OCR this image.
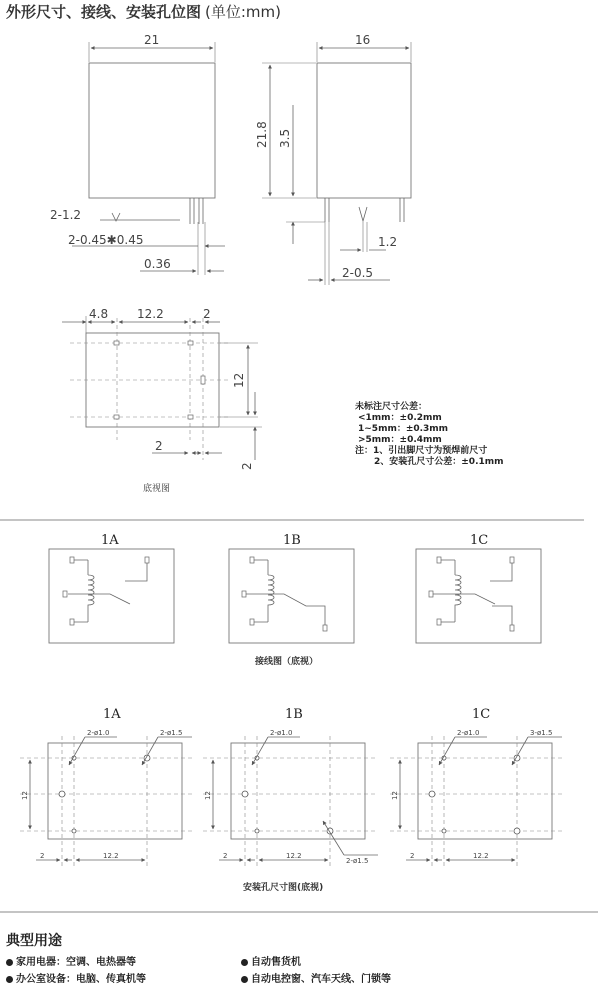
外形尺寸、接线、安装孔位图 (单位:mm)
21
2-1.2
2-0.45✱0.45
0.36
16
21.8 3.5
1.2
2-0.5
4.8 12.2	2
12
2
2
底视图
未标注尺寸公差：
<1mm：±0.2mm
1~5mm：±0.3mm
>5mm：±0.4mm
注：1、引出脚尺寸为预焊前尺寸
2、安装孔尺寸公差：±0.1mm
1A	1B	1C
接线图（底视）
1A	1B	1C
2-ø1.0	2-ø1.5
12
2	12.2
2-ø1.0
2-ø1.5
12
2	12.2
2-ø1.0	3-ø1.5
12
2	12.2
安装孔尺寸图(底视)
典型用途
家用电器：空调、电热器等	自动售货机
办公室设备：电脑、传真机等	自动电控窗、汽车天线、门锁等
